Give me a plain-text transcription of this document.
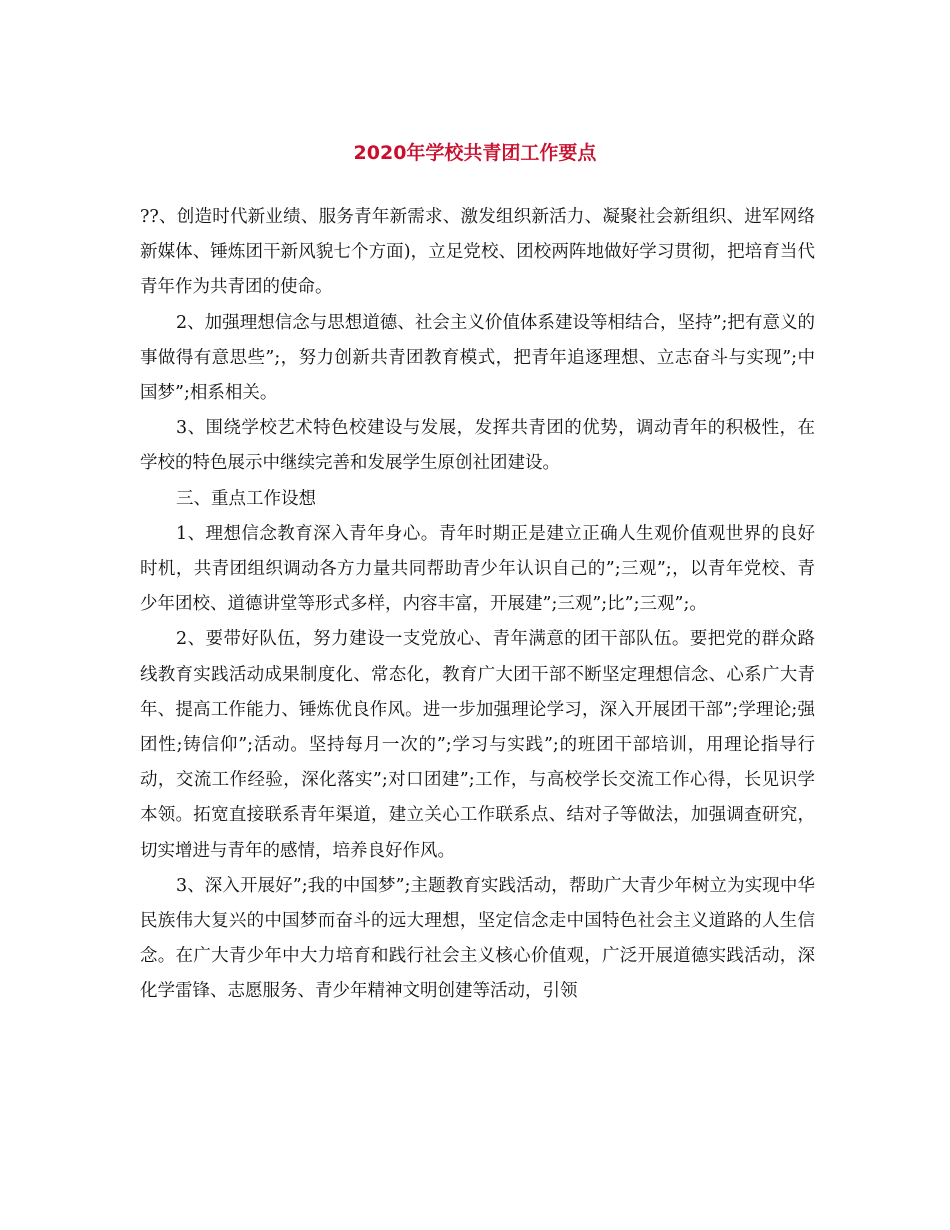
2020年学校共青团工作要点

??、创造时代新业绩、服务青年新需求、激发组织新活力、凝聚社会新组织、进军网络新媒体、锤炼团干新风貌七个方面)，立足党校、团校两阵地做好学习贯彻，把培育当代青年作为共青团的使命。

2、加强理想信念与思想道德、社会主义价值体系建设等相结合，坚持”;把有意义的事做得有意思些”;，努力创新共青团教育模式，把青年追逐理想、立志奋斗与实现”;中国梦”;相系相关。

3、围绕学校艺术特色校建设与发展，发挥共青团的优势，调动青年的积极性，在学校的特色展示中继续完善和发展学生原创社团建设。

三、重点工作设想

1、理想信念教育深入青年身心。青年时期正是建立正确人生观价值观世界的良好时机，共青团组织调动各方力量共同帮助青少年认识自己的”;三观”;，以青年党校、青少年团校、道德讲堂等形式多样，内容丰富，开展建”;三观”;比”;三观”;。

2、要带好队伍，努力建设一支党放心、青年满意的团干部队伍。要把党的群众路线教育实践活动成果制度化、常态化，教育广大团干部不断坚定理想信念、心系广大青年、提高工作能力、锤炼优良作风。进一步加强理论学习，深入开展团干部”;学理论;强团性;铸信仰”;活动。坚持每月一次的”;学习与实践”;的班团干部培训，用理论指导行动，交流工作经验，深化落实”;对口团建”;工作，与高校学长交流工作心得，长见识学本领。拓宽直接联系青年渠道，建立关心工作联系点、结对子等做法，加强调查研究，切实增进与青年的感情，培养良好作风。

3、深入开展好”;我的中国梦”;主题教育实践活动，帮助广大青少年树立为实现中华民族伟大复兴的中国梦而奋斗的远大理想，坚定信念走中国特色社会主义道路的人生信念。在广大青少年中大力培育和践行社会主义核心价值观，广泛开展道德实践活动，深化学雷锋、志愿服务、青少年精神文明创建等活动，引领
